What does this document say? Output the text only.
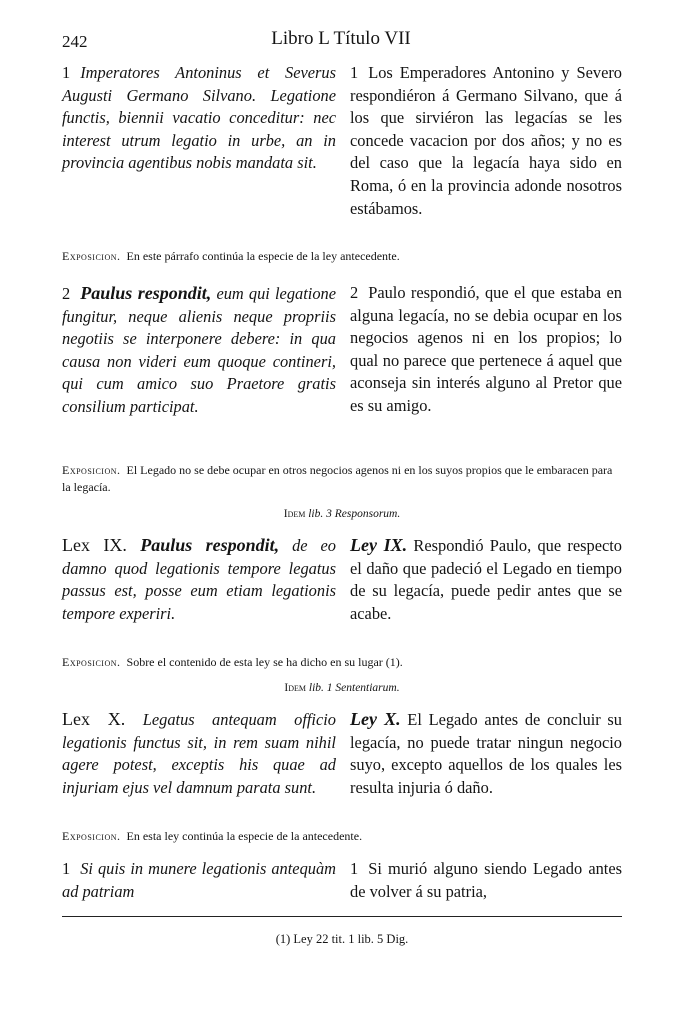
242	Libro L Título VII

1 Imperatores Antoninus et Severus Augusti Germano Silvano. Legatione functis, biennii vacatio conceditur: nec interest utrum legatio in urbe, an in provincia agentibus nobis mandata sit.

1 Los Emperadores Antonino y Severo respondiéron á Germano Silvano, que á los que sirviéron las legacías se les concede vacacion por dos años; y no es del caso que la legacía haya sido en Roma, ó en la provincia adonde nosotros estábamos.

Exposicion. En este párrafo continúa la especie de la ley antecedente.

2 Paulus respondit, eum qui legatione fungitur, neque alienis neque propriis negotiis se interponere debere: in qua causa non videri eum quoque contineri, qui cum amico suo Praetore gratis consilium participat.

2 Paulo respondió, que el que estaba en alguna legacía, no se debia ocupar en los negocios agenos ni en los propios; lo qual no parece que pertenece á aquel que aconseja sin interés alguno al Pretor que es su amigo.

Exposicion. El Legado no se debe ocupar en otros negocios agenos ni en los suyos propios que le embaracen para la legacía.

Idem lib. 3 Responsorum.

Lex IX. Paulus respondit, de eo damno quod legationis tempore legatus passus est, posse eum etiam legationis tempore experiri.

Ley IX. Respondió Paulo, que respecto el daño que padeció el Legado en tiempo de su legacía, puede pedir antes que se acabe.

Exposicion. Sobre el contenido de esta ley se ha dicho en su lugar (1).

Idem lib. 1 Sententiarum.

Lex X. Legatus antequam officio legationis functus sit, in rem suam nihil agere potest, exceptis his quae ad injuriam ejus vel damnum parata sunt.

Ley X. El Legado antes de concluir su legacía, no puede tratar ningun negocio suyo, excepto aquellos de los quales les resulta injuria ó daño.

Exposicion. En esta ley continúa la especie de la antecedente.

1 Si quis in munere legationis antequàm ad patriam

1 Si murió alguno siendo Legado antes de volver á su patria,

(1) Ley 22 tit. 1 lib. 5 Dig.
